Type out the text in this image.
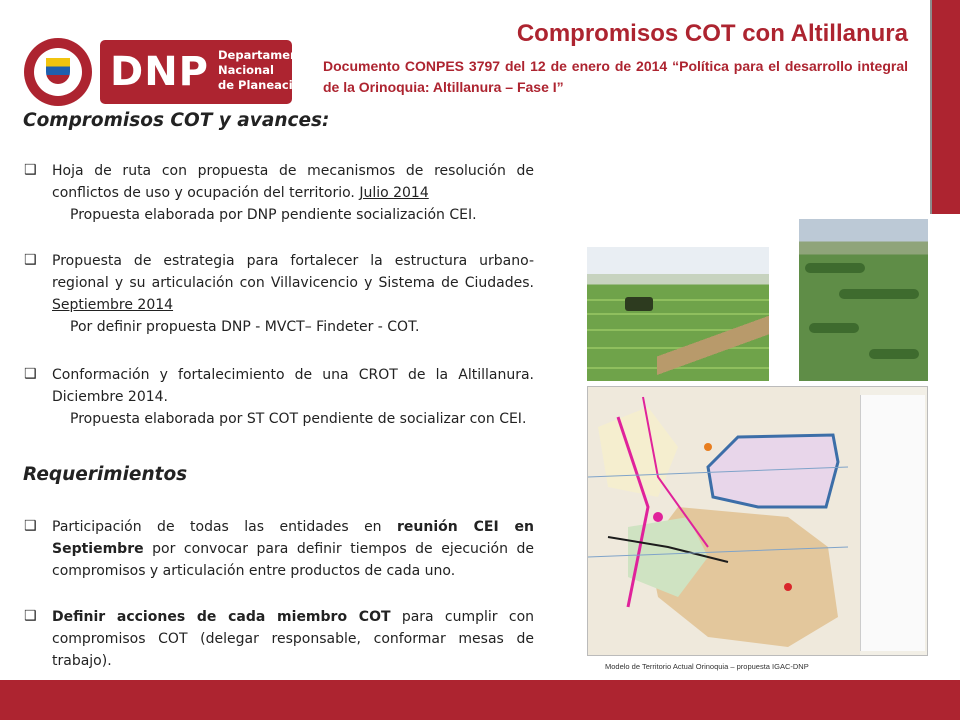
DNP Departamento
Nacional
de Planeación
Compromisos COT con Altillanura
Documento CONPES 3797 del 12 de enero de 2014 “Política para el desarrollo integral de la Orinoquia: Altillanura – Fase I”
Compromisos COT y avances:
❑ Hoja de ruta con propuesta de mecanismos de resolución de conflictos de uso y ocupación del territorio. Julio 2014
Propuesta elaborada por DNP pendiente socialización CEI.
❑ Propuesta de estrategia para fortalecer la estructura urbano-regional y su articulación con Villavicencio y Sistema de Ciudades. Septiembre 2014
Por definir propuesta DNP - MVCT– Findeter - COT.
❑ Conformación y fortalecimiento de una CROT de la Altillanura. Diciembre 2014.
Propuesta elaborada por ST COT pendiente de socializar con CEI.
Requerimientos
❑ Participación de todas las entidades en reunión CEI en Septiembre por convocar para definir tiempos de ejecución de compromisos y articulación entre productos de cada uno.
❑ Definir acciones de cada miembro COT para cumplir con compromisos COT (delegar responsable, conformar mesas de trabajo).	Modelo de Territorio Actual Orinoquia – propuesta IGAC-DNP
